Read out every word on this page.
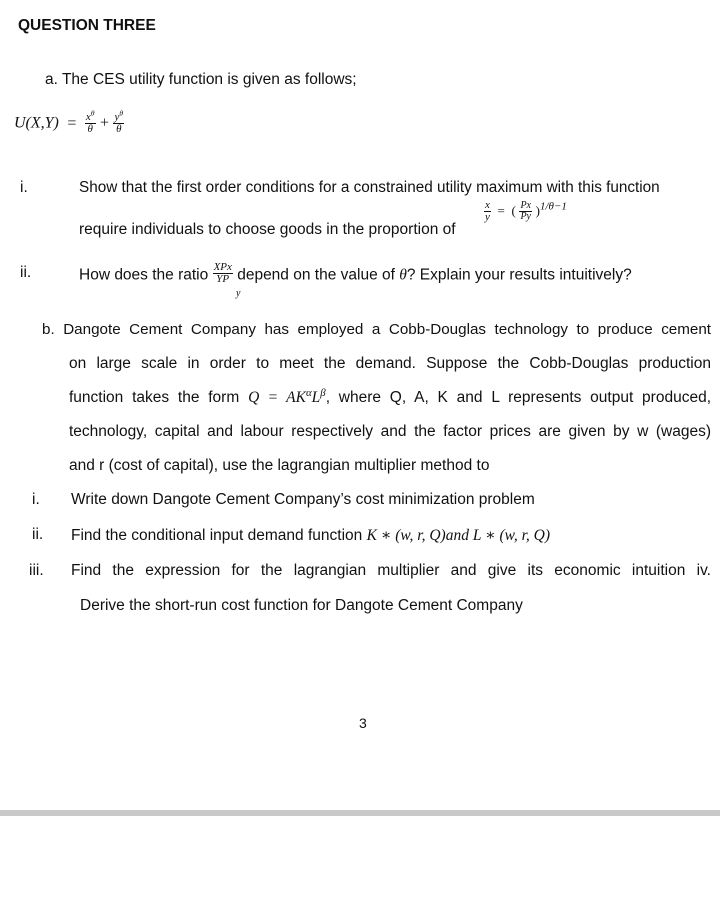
QUESTION THREE
a. The CES utility function is given as follows;
$U(X,Y) = \frac{x^\theta}{\theta} + \frac{y^\theta}{\theta}$
i.	Show that the first order conditions for a constrained utility maximum with this function
require individuals to choose goods in the proportion of
$\frac{x}{y}$ = ( $\frac{Px}{Py} )^{1/\theta-1}$
ii.	How does the ratio $\frac{\text{XPx}}{YP}$ depend on the value of θ? Explain your results intuitively?
y
b. Dangote Cement Company has employed a Cobb-Douglas technology to produce cement
on large scale in order to meet the demand. Suppose the Cobb-Douglas production
function takes the form $Q = AK^\alpha L^\beta$, where Q, A, K and L represents output produced,
technology, capital and labour respectively and the factor prices are given by w (wages)
and r (cost of capital), use the lagrangian multiplier method to
i. Write down Dangote Cement Company’s cost minimization problem
ii. Find the conditional input demand function K ∗ (w, r, Q)and L ∗ (w, r, Q)
iii. Find the expression for the lagrangian multiplier and give its economic intuition iv.
Derive the short-run cost function for Dangote Cement Company
3
